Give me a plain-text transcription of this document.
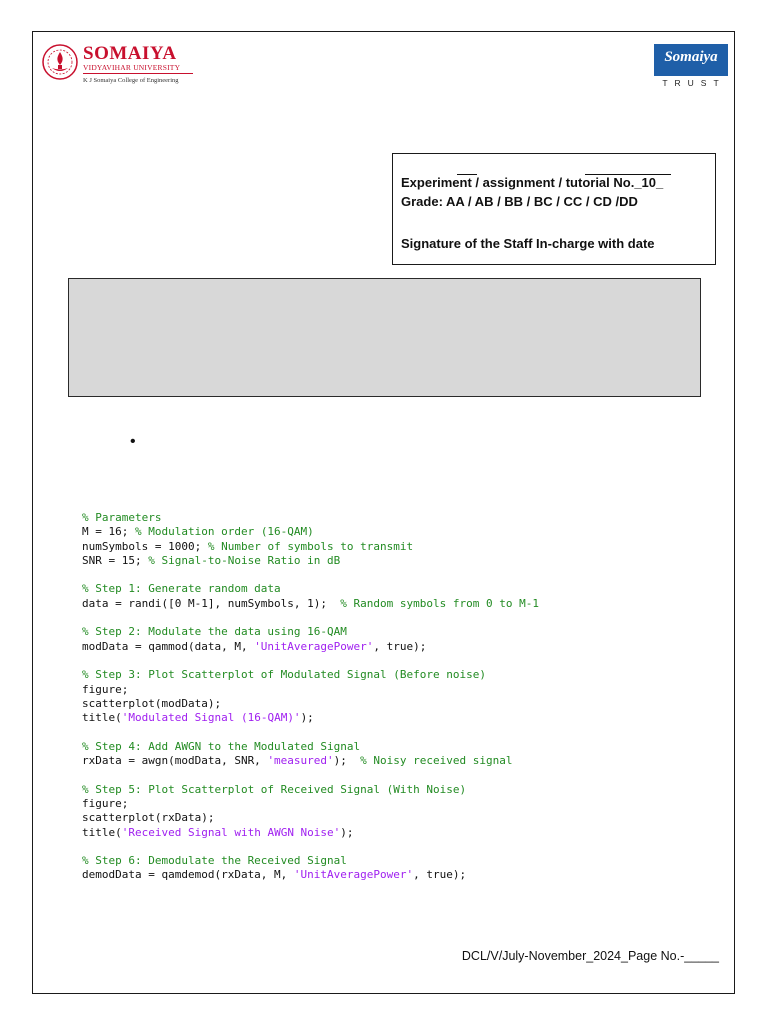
SOMAIYA
VIDYAVIHAR UNIVERSITY
K J Somaiya College of Engineering
Somaiya
TRUST
Experiment / assignment / tutorial No._10_
Grade: AA / AB / BB / BC / CC / CD /DD
Signature of the Staff In-charge with date
•
% Parameters
M = 16; % Modulation order (16-QAM)
numSymbols = 1000; % Number of symbols to transmit
SNR = 15; % Signal-to-Noise Ratio in dB

% Step 1: Generate random data
data = randi([0 M-1], numSymbols, 1);  % Random symbols from 0 to M-1

% Step 2: Modulate the data using 16-QAM
modData = qammod(data, M, 'UnitAveragePower', true);

% Step 3: Plot Scatterplot of Modulated Signal (Before noise)
figure;
scatterplot(modData);
title('Modulated Signal (16-QAM)');

% Step 4: Add AWGN to the Modulated Signal
rxData = awgn(modData, SNR, 'measured');  % Noisy received signal

% Step 5: Plot Scatterplot of Received Signal (With Noise)
figure;
scatterplot(rxData);
title('Received Signal with AWGN Noise');

% Step 6: Demodulate the Received Signal
demodData = qamdemod(rxData, M, 'UnitAveragePower', true);
DCL/V/July-November_2024_Page No.-_____
